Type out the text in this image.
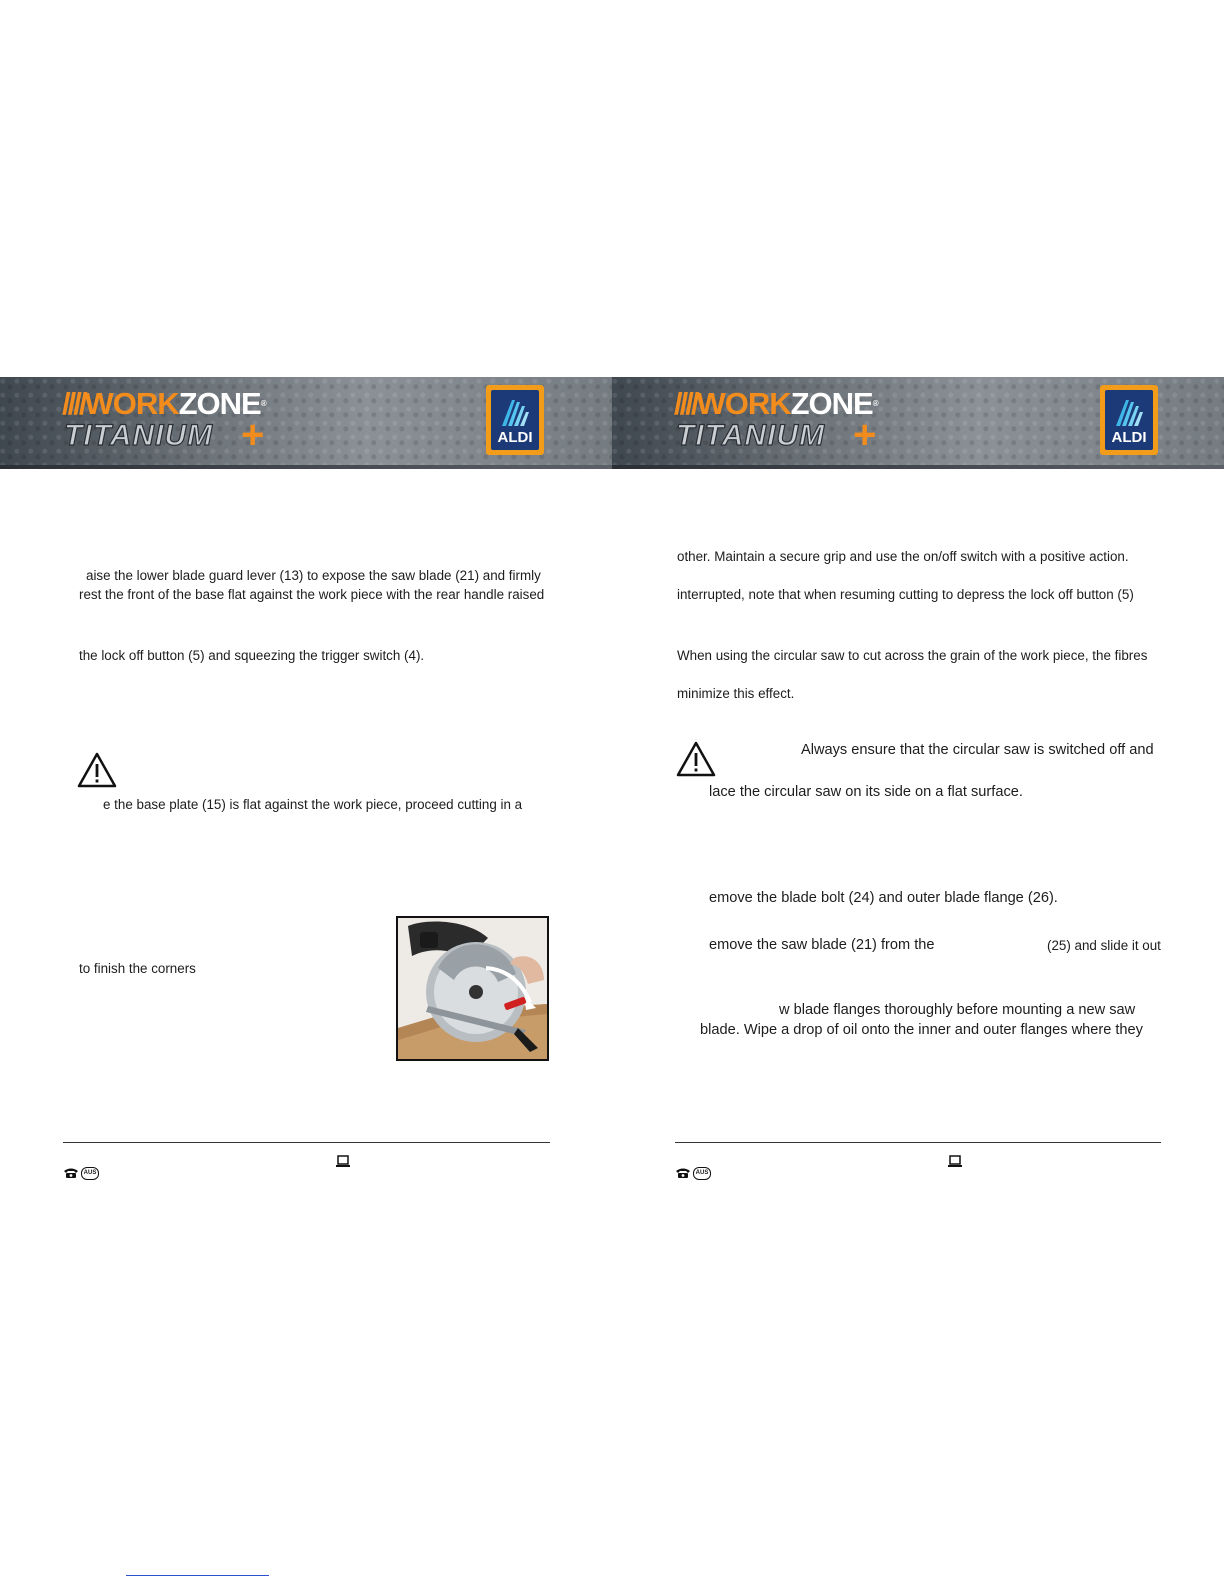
////WORKZONE®
TITANIUM +	ALDI
////WORKZONE®
TITANIUM +	ALDI
aise the lower blade guard lever (13) to expose the saw blade (21) and firmly
rest the front of the base flat against the work piece with the rear handle raised
the lock off button (5) and squeezing the trigger switch (4).
e the base plate (15) is flat against the work piece, proceed cutting in a
to finish the corners
other. Maintain a secure grip and use the on/off switch with a positive action.
interrupted, note that when resuming cutting to depress the lock off button (5)
When using the circular saw to cut across the grain of the work piece, the fibres
minimize this effect.
Always ensure that the circular saw is switched off and
lace the circular saw on its side on a flat surface.
emove the blade bolt (24) and outer blade flange (26).
emove the saw blade (21) from the	(25) and slide it out
w blade flanges thoroughly before mounting a new saw
blade. Wipe a drop of oil onto the inner and outer flanges where they
AUS	AUS
